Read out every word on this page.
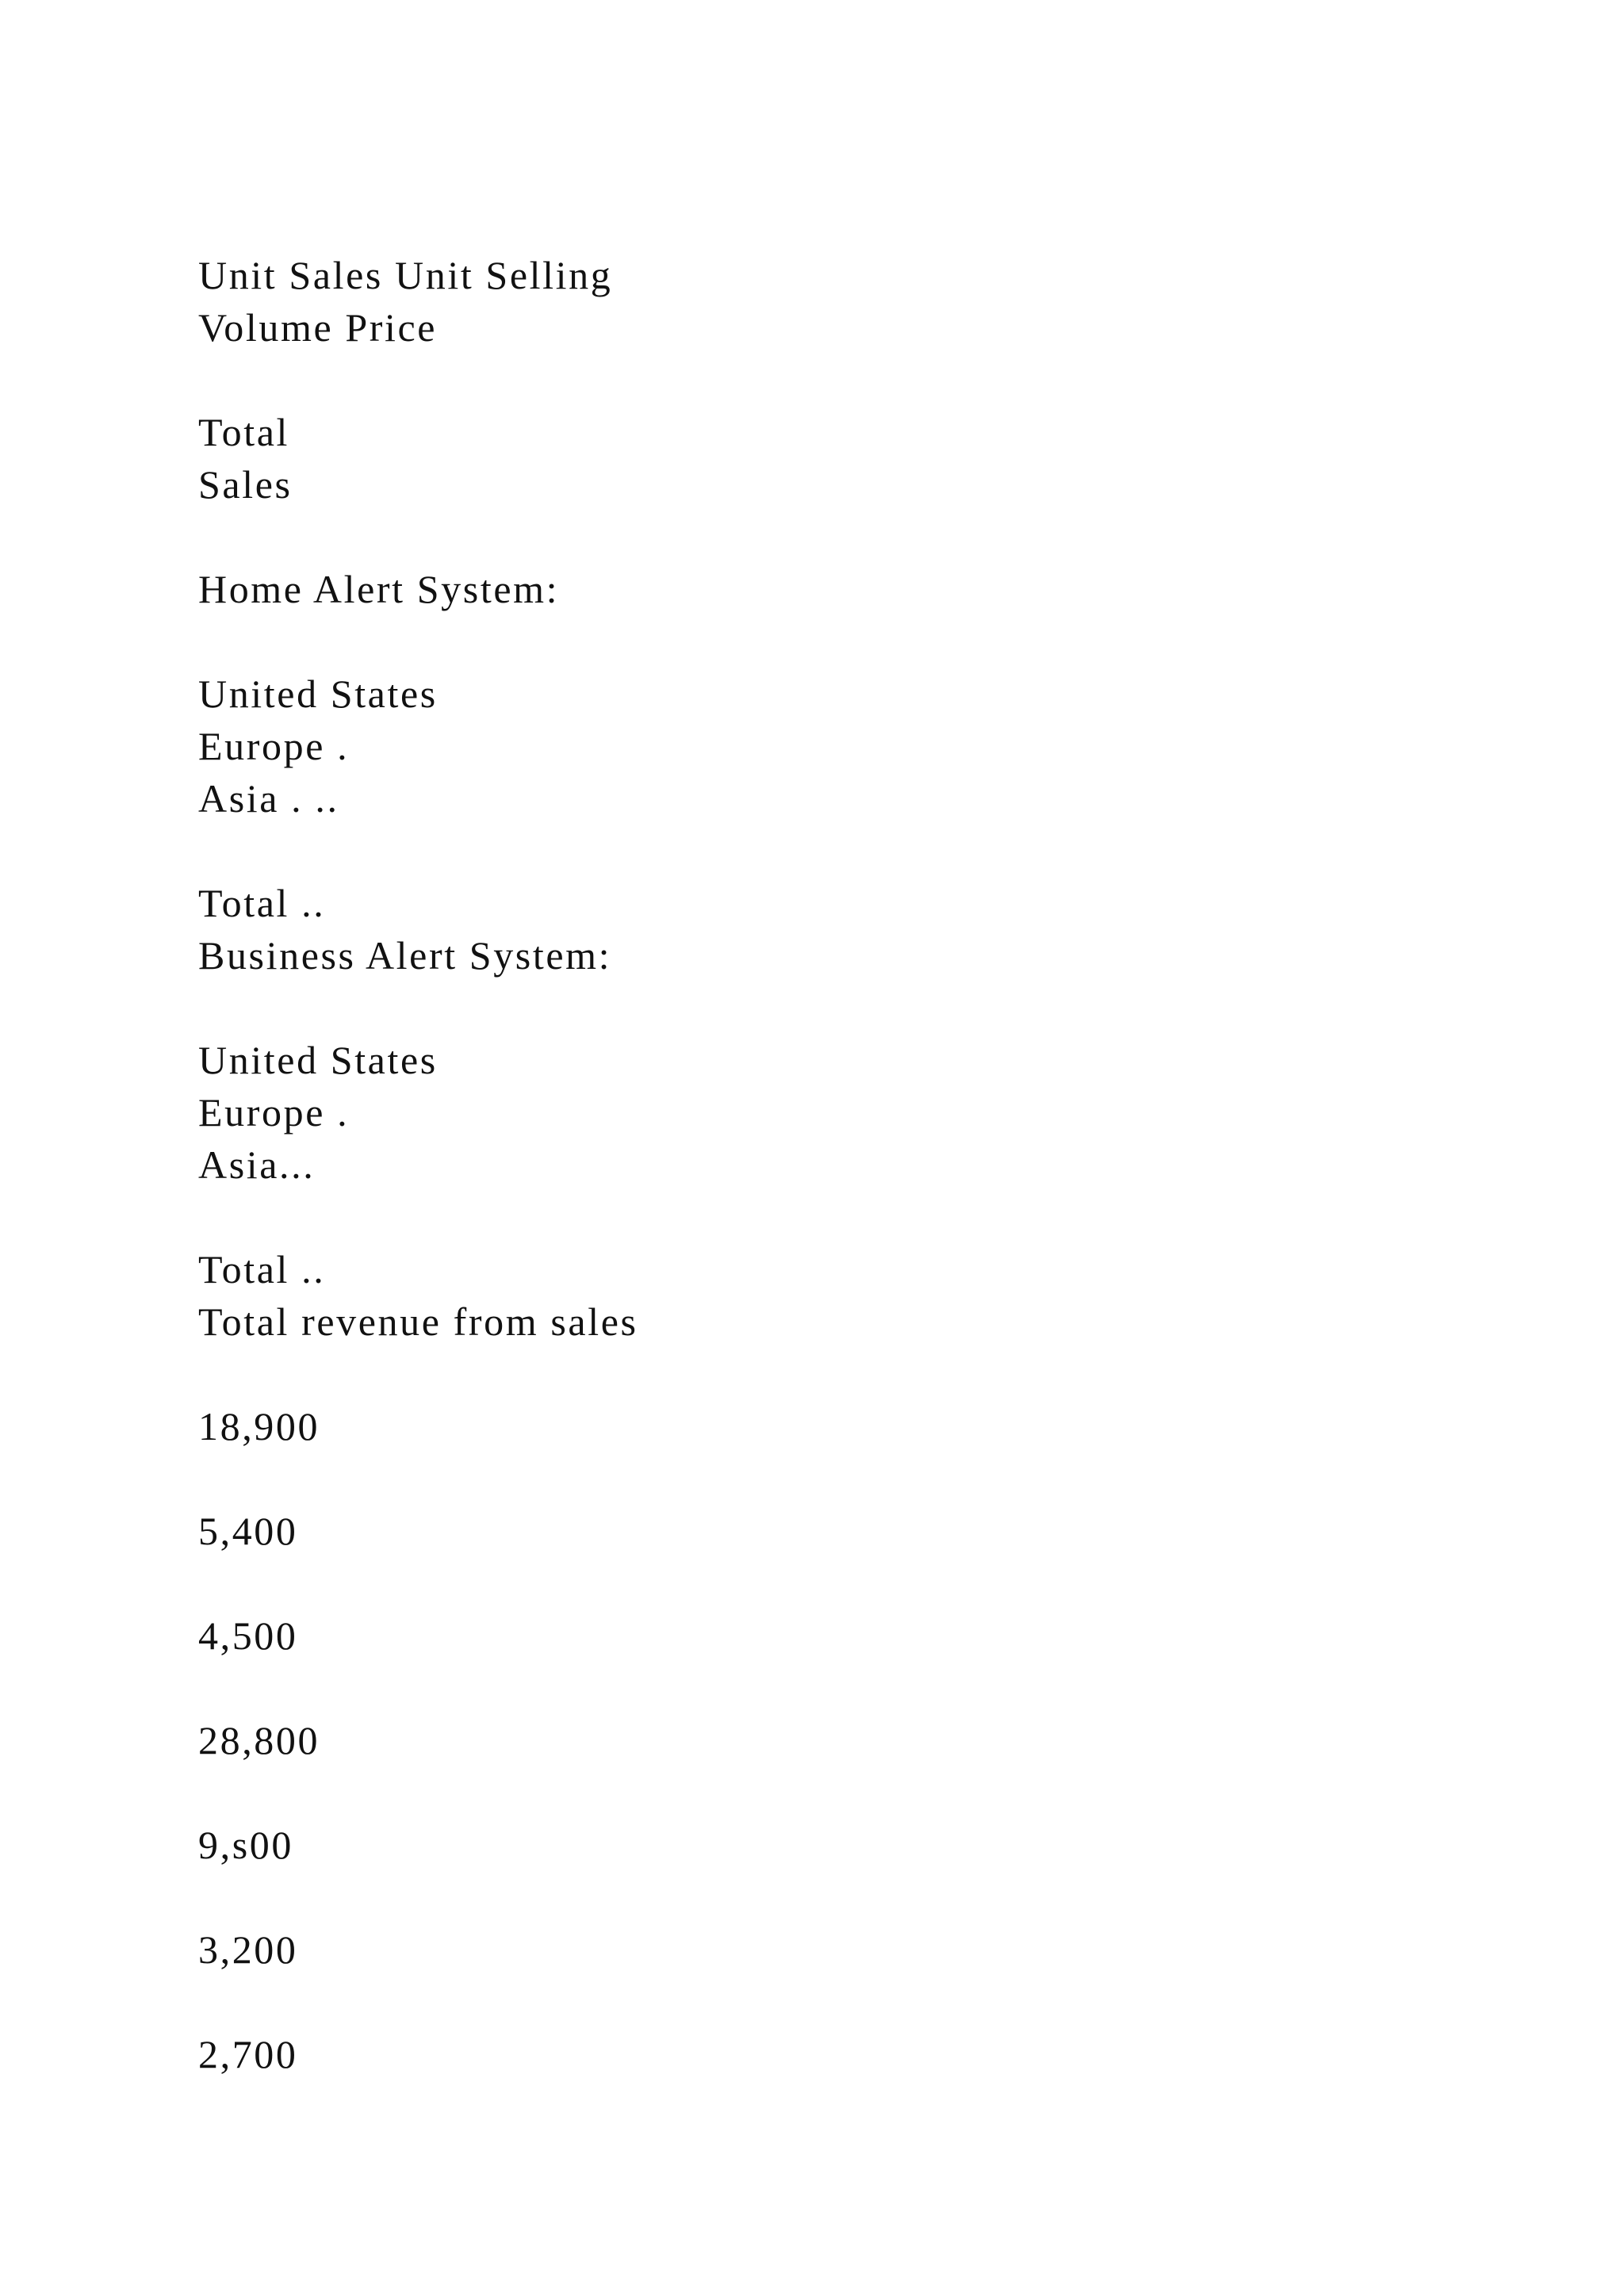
Unit Sales Unit Selling
Volume Price
Total
Sales
Home Alert System:
United States
Europe .
Asia . ..
Total ..
Business Alert System:
United States
Europe .
Asia...
Total ..
Total revenue from sales
18,900
5,400
4,500
28,800
9,s00
3,200
2,700
